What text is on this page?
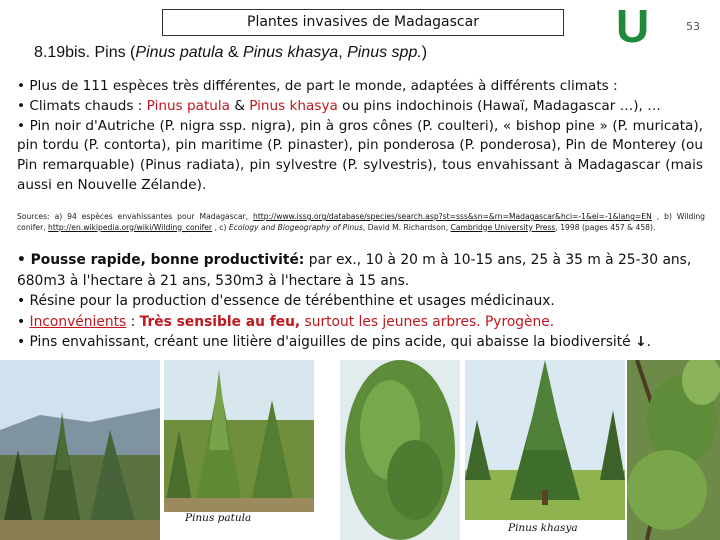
Plantes invasives de Madagascar	U	53
8.19bis. Pins (Pinus patula & Pinus khasya, Pinus spp.)

• Plus de 111 espèces très différentes, de part le monde, adaptées à différents climats :

• Climats chauds : Pinus patula & Pinus khasya ou pins indochinois (Hawaï, Madagascar …), …

• Pin noir d'Autriche (P. nigra ssp. nigra), pin à gros cônes (P. coulteri), « bishop pine » (P. muricata), pin tordu (P. contorta), pin maritime (P. pinaster), pin ponderosa (P. ponderosa), Pin de Monterey (ou Pin remarquable) (Pinus radiata), pin sylvestre (P. sylvestris), tous envahissant à Madagascar (mais aussi en Nouvelle Zélande).

Sources: a) 94 espèces envahissantes pour Madagascar, http://www.issg.org/database/species/search.asp?st=sss&sn=&rn=Madagascar&hci=-1&ei=-1&lang=EN , b) Wilding conifer, http://en.wikipedia.org/wiki/Wilding_conifer , c) Ecology and Biogeography of Pinus, David M. Richardson, Cambridge University Press, 1998 (pages 457 & 458).

• Pousse rapide, bonne productivité: par ex., 10 à 20 m à 10-15 ans, 25 à 35 m à 25-30 ans, 680m3 à l'hectare à 21 ans, 530m3 à l'hectare à 15 ans.

• Résine pour la production d'essence de térébenthine et usages médicinaux.

• Inconvénients : Très sensible au feu, surtout les jeunes arbres. Pyrogène.

• Pins envahissant, créant une litière d'aiguilles de pins acide, qui abaisse la biodiversité ↓.

Pinus patula
Pinus khasya
